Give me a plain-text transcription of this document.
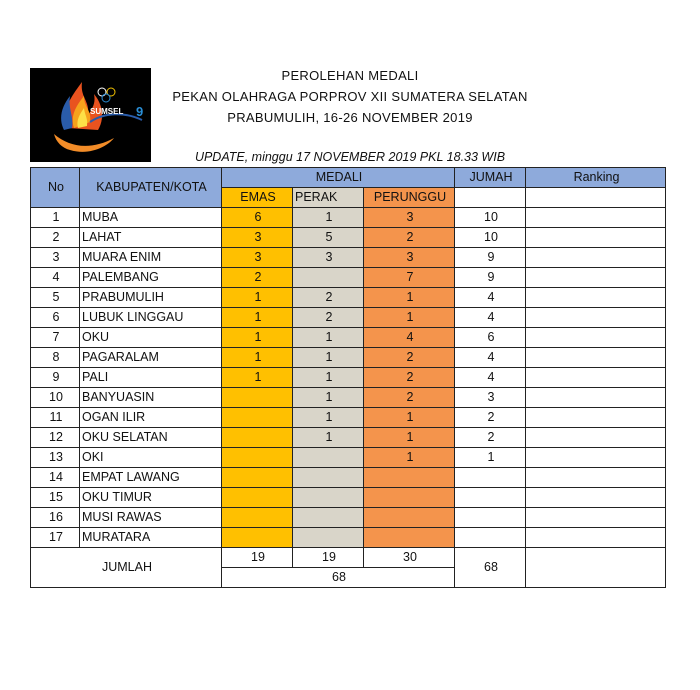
SUMSEL 9
PEROLEHAN MEDALI
PEKAN OLAHRAGA PORPROV XII SUMATERA SELATAN
PRABUMULIH, 16-26 NOVEMBER 2019
UPDATE, minggu 17 NOVEMBER 2019 PKL 18.33 WIB
No	KABUPATEN/KOTA	MEDALI			JUMAH	Ranking
		EMAS	PERAK	PERUNGGU		
1	MUBA	6	1	3	10	
2	LAHAT	3	5	2	10	
3	MUARA ENIM	3	3	3	9	
4	PALEMBANG	2		7	9	
5	PRABUMULIH	1	2	1	4	
6	LUBUK LINGGAU	1	2	1	4	
7	OKU	1	1	4	6	
8	PAGARALAM	1	1	2	4	
9	PALI	1	1	2	4	
10	BANYUASIN		1	2	3	
11	OGAN ILIR		1	1	2	
12	OKU SELATAN		1	1	2	
13	OKI			1	1	
14	EMPAT LAWANG					
15	OKU TIMUR					
16	MUSI RAWAS					
17	MURATARA					
JUMLAH		19	19	30	68	
		68				
